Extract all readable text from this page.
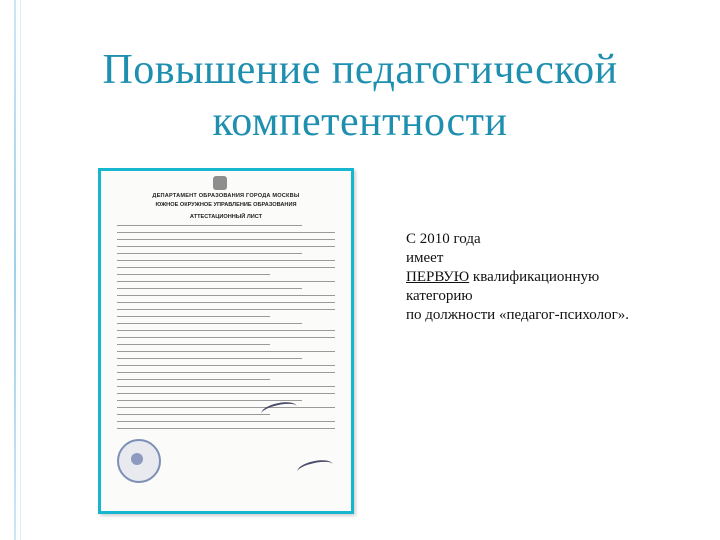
Повышение педагогической
компетентности
ДЕПАРТАМЕНТ ОБРАЗОВАНИЯ ГОРОДА МОСКВЫ
ЮЖНОЕ ОКРУЖНОЕ УПРАВЛЕНИЕ ОБРАЗОВАНИЯ
АТТЕСТАЦИОННЫЙ ЛИСТ
С 2010 года
имеет
ПЕРВУЮ квалификационную
категорию
по должности «педагог-психолог».
